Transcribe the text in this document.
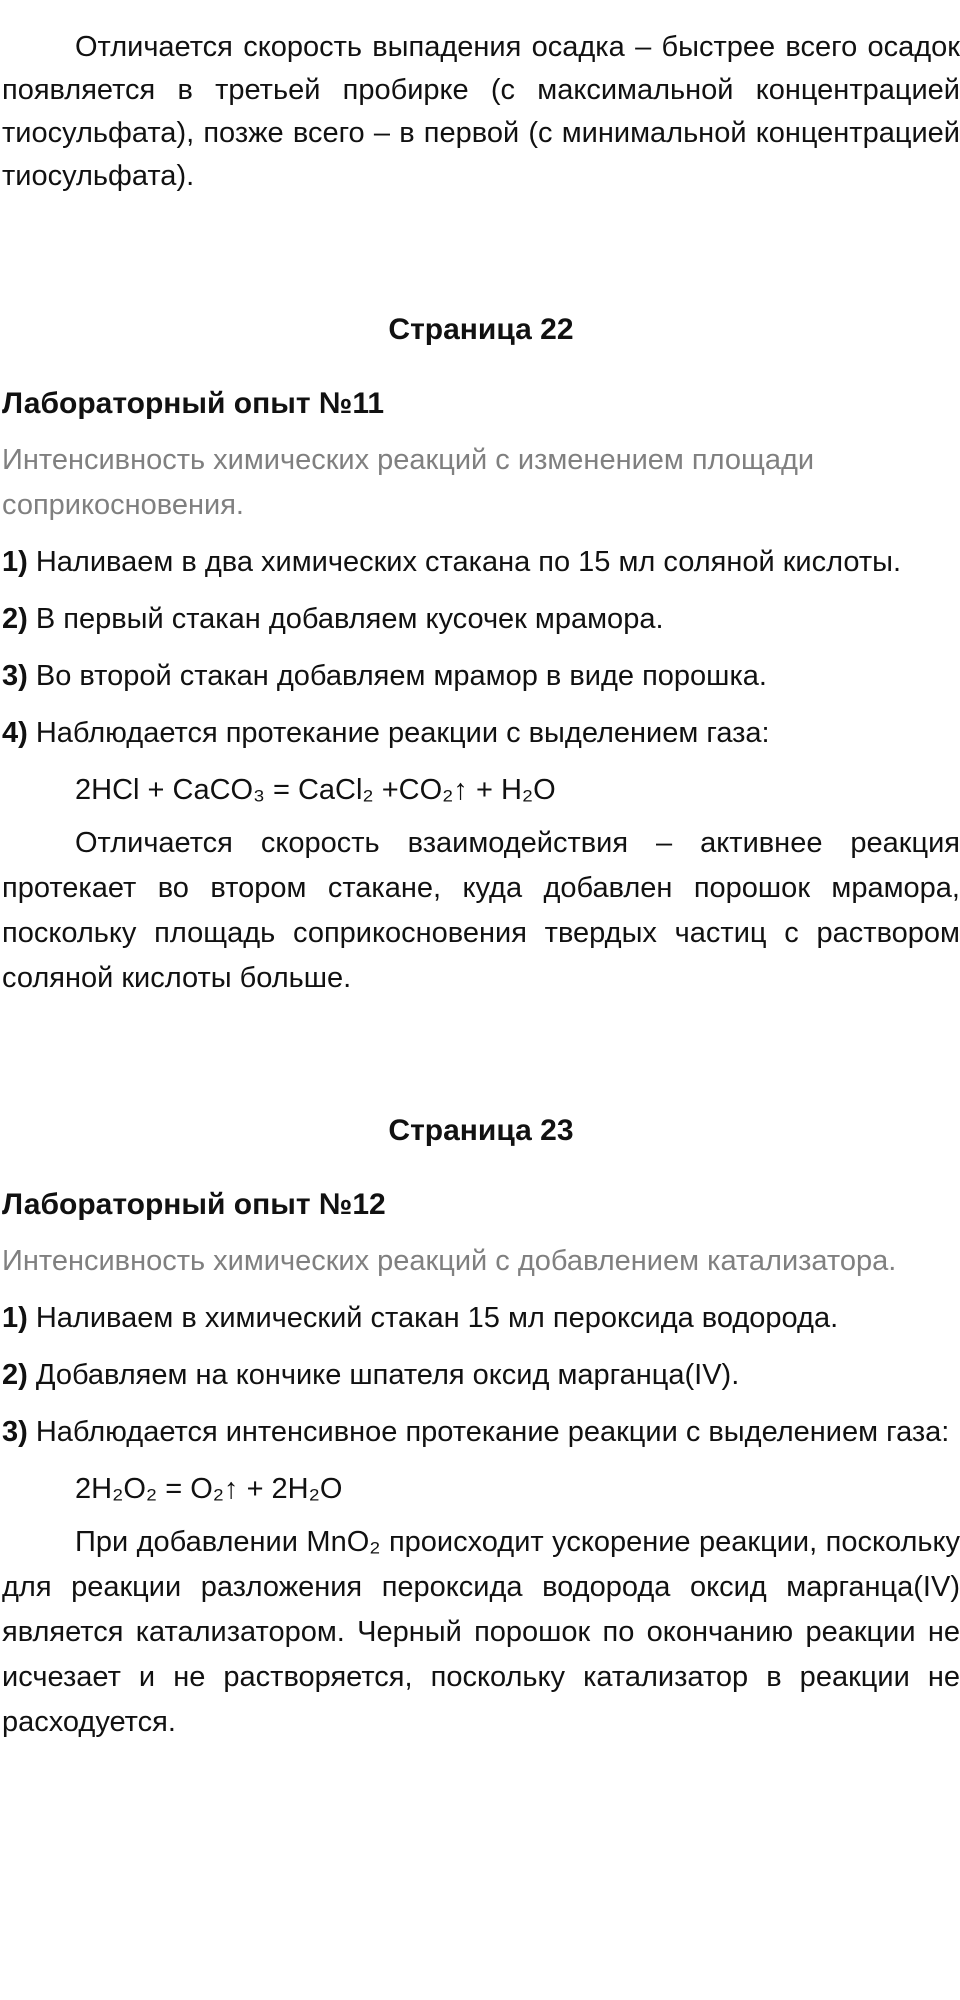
Отличается скорость выпадения осадка – быстрее всего осадок появляется в третьей пробирке (с максимальной концентрацией тиосульфата), позже всего – в первой (с минимальной концентрацией тиосульфата).

Страница 22
Лабораторный опыт №11
Интенсивность химических реакций с изменением площади соприкосновения.
1) Наливаем в два химических стакана по 15 мл соляной кислоты.
2) В первый стакан добавляем кусочек мрамора.
3) Во второй стакан добавляем мрамор в виде порошка.
4) Наблюдается протекание реакции с выделением газа:
2HCl + CaCO₃ = CaCl₂ +CO₂↑ + H₂O

Отличается скорость взаимодействия – активнее реакция протекает во втором стакане, куда добавлен порошок мрамора, поскольку площадь соприкосновения твердых частиц с раствором соляной кислоты больше.

Страница 23
Лабораторный опыт №12
Интенсивность химических реакций с добавлением катализатора.
1) Наливаем в химический стакан 15 мл пероксида водорода.
2) Добавляем на кончике шпателя оксид марганца(IV).
3) Наблюдается интенсивное протекание реакции с выделением газа:
2H₂O₂ = O₂↑ + 2H₂O

При добавлении MnO₂ происходит ускорение реакции, поскольку для реакции разложения пероксида водорода оксид марганца(IV) является катализатором. Черный порошок по окончанию реакции не исчезает и не растворяется, поскольку катализатор в реакции не расходуется.
